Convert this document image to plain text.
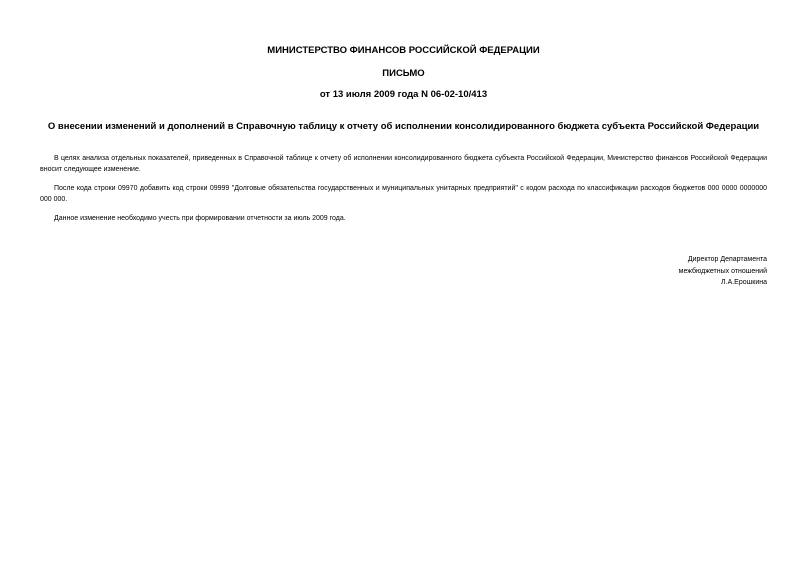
МИНИСТЕРСТВО ФИНАНСОВ РОССИЙСКОЙ ФЕДЕРАЦИИ
ПИСЬМО
от 13 июля 2009 года N 06-02-10/413
О внесении изменений и дополнений в Справочную таблицу к отчету об исполнении консолидированного бюджета субъекта Российской Федерации

В целях анализа отдельных показателей, приведенных в Справочной таблице к отчету об исполнении консолидированного бюджета субъекта Российской Федерации, Министерство финансов Российской Федерации вносит следующее изменение.

После кода строки 09970 добавить код строки 09999 "Долговые обязательства государственных и муниципальных унитарных предприятий" с кодом расхода по классификации расходов бюджетов 000 0000 0000000 000 000.

Данное изменение необходимо учесть при формировании отчетности за июль 2009 года.

Директор Департамента
межбюджетных отношений
Л.А.Ерошкина
